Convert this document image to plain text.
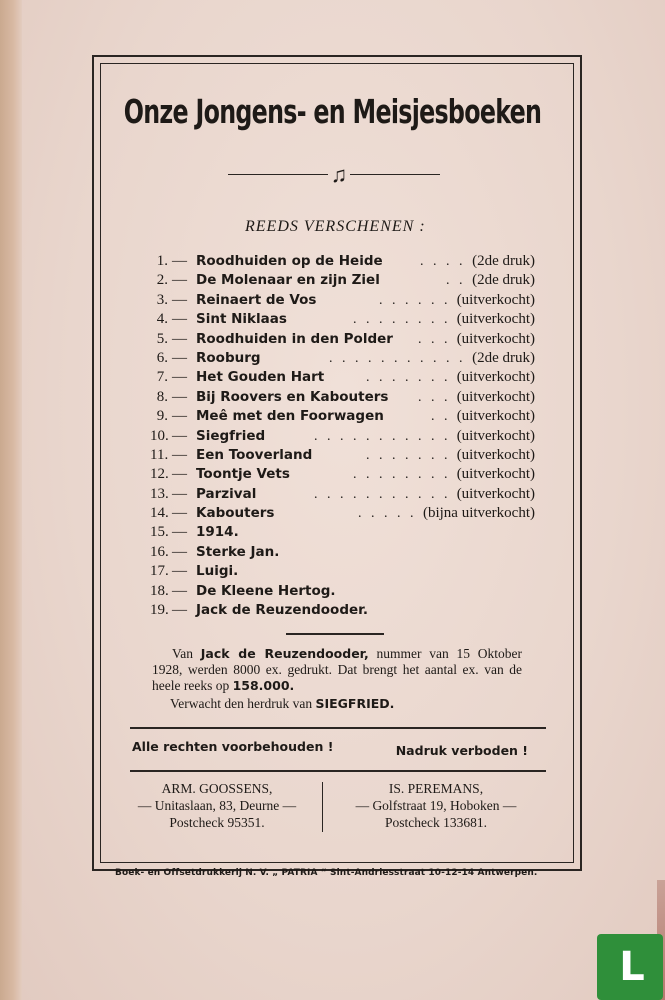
Onze Jongens- en Meisjesboeken
♫
REEDS VERSCHENEN :
1. — Roodhuiden op de Heide	. . . . (2de druk)
2. — De Molenaar en zijn Ziel	. . (2de druk)
3. — Reinaert de Vos	. . . . . . (uitverkocht)
4. — Sint Niklaas	. . . . . . . . (uitverkocht)
5. — Roodhuiden in den Polder . . . (uitverkocht)
6. — Rooburg	. . . . . . . . . . . (2de druk)
7. — Het Gouden Hart	. . . . . . . (uitverkocht)
8. — Bij Roovers en Kabouters . . . (uitverkocht)
9. — Meê met den Foorwagen	. . (uitverkocht)
10. — Siegfried	. . . . . . . . . . . (uitverkocht)
11. — Een Tooverland	. . . . . . . (uitverkocht)
12. — Toontje Vets	. . . . . . . . (uitverkocht)
13. — Parzival	. . . . . . . . . . . (uitverkocht)
14. — Kabouters	. . . . . (bijna uitverkocht)
15. — 1914.
16. — Sterke Jan.
17. — Luigi.
18. — De Kleene Hertog.
19. — Jack de Reuzendooder.
Van Jack de Reuzendooder, nummer van 15 Oktober 1928, werden 8000 ex. gedrukt. Dat brengt het aantal ex. van de heele reeks op 158.000.
Verwacht den herdruk van SIEGFRIED.
Alle rechten voorbehouden !	Nadruk verboden !
ARM. GOOSSENS,
— Unitaslaan, 83, Deurne —
Postcheck 95351.
IS. PEREMANS,
— Golfstraat 19, Hoboken —
Postcheck 133681.
Boek- en Offsetdrukkerij N. V. „ PATRIA “ Sint-Andriesstraat 10-12-14 Antwerpen.
L
